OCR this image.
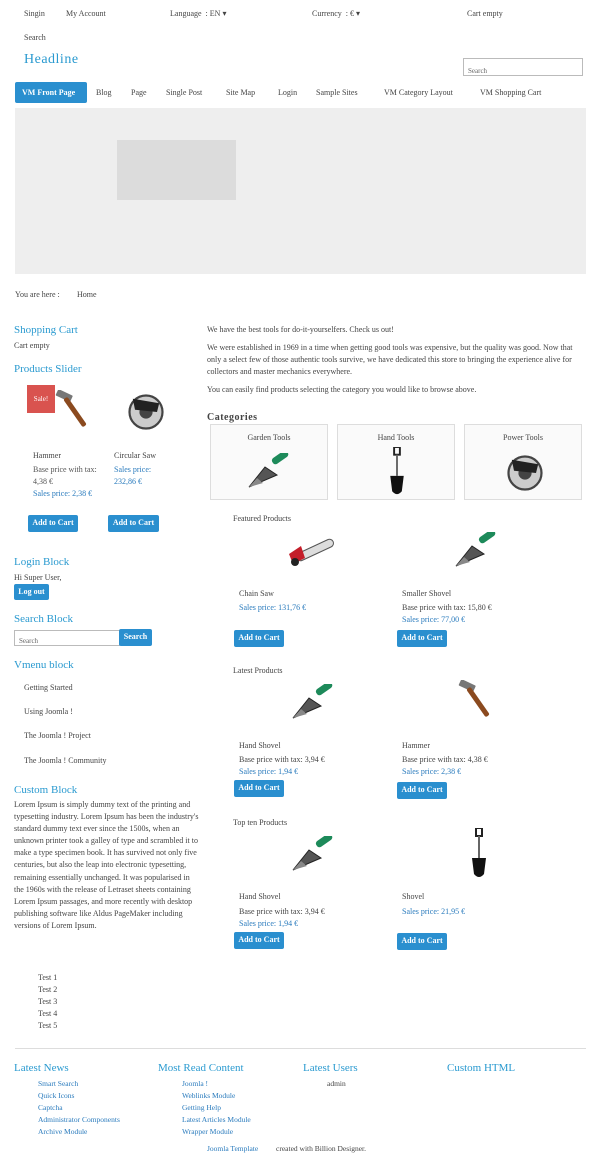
Singin	My Account	Language : EN ▾	Currency : € ▾	Cart empty
Search
Headline
Search
VM Front Page	Blog Page Single Post	Site Map	Login Sample Sites	VM Category Layout	VM Shopping Cart
You are here : Home
Shopping Cart
Cart empty
Products Slider
Sale!
Hammer
Base price with tax: 4,38 €
Sales price: 2,38 €
Add to Cart
Circular Saw
Sales price: 232,86 €
Add to Cart
Login Block
Hi Super User,
Log out
Search Block
Search	Search
Vmenu block
Getting Started
Using Joomla !
The Joomla ! Project
The Joomla ! Community
Custom Block
Lorem Ipsum is simply dummy text of the printing and typesetting industry. Lorem Ipsum has been the industry's standard dummy text ever since the 1500s, when an unknown printer took a galley of type and scrambled it to make a type specimen book. It has survived not only five centuries, but also the leap into electronic typesetting, remaining essentially unchanged. It was popularised in the 1960s with the release of Letraset sheets containing Lorem Ipsum passages, and more recently with desktop publishing software like Aldus PageMaker including versions of Lorem Ipsum.
Test 1
Test 2
Test 3
Test 4
Test 5
We have the best tools for do-it-yourselfers. Check us out!
We were established in 1969 in a time when getting good tools was expensive, but the quality was good. Now that only a select few of those authentic tools survive, we have dedicated this store to bringing the experience alive for collectors and master mechanics everywhere.
You can easily find products selecting the category you would like to browse above.
Categories
Garden Tools	Hand Tools	Power Tools
Featured Products
Chain Saw
Sales price: 131,76 €
Add to Cart
Smaller Shovel
Base price with tax: 15,80 €
Sales price: 77,00 €
Add to Cart
Latest Products
Hand Shovel
Base price with tax: 3,94 €
Sales price: 1,94 €
Add to Cart
Hammer
Base price with tax: 4,38 €
Sales price: 2,38 €
Add to Cart
Top ten Products
Hand Shovel
Base price with tax: 3,94 €
Sales price: 1,94 €
Add to Cart
Shovel
Sales price: 21,95 €
Add to Cart
Latest News
Smart Search
Quick Icons
Captcha
Administrator Components
Archive Module
Most Read Content
Joomla !
Weblinks Module
Getting Help
Latest Articles Module
Wrapper Module
Latest Users
admin
Custom HTML
Joomla Template created with Billion Designer.
